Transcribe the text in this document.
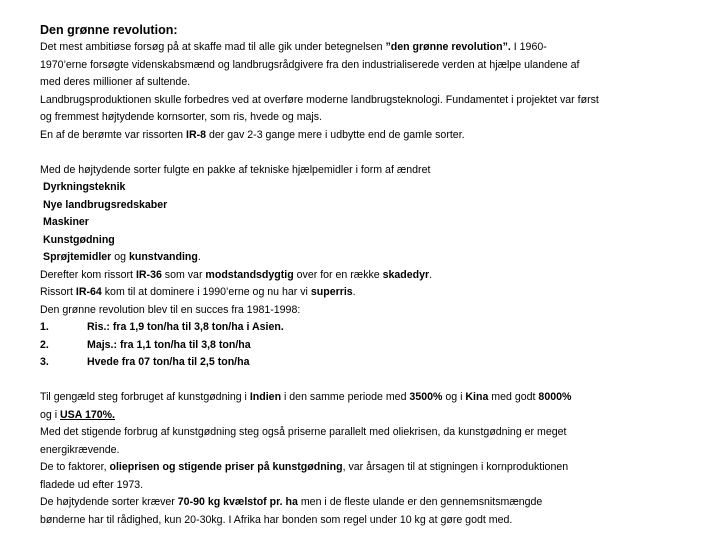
Den grønne revolution:
Det mest ambitiøse forsøg på at skaffe mad til alle gik under betegnelsen ”den grønne revolution”. I 1960-
1970’erne forsøgte videnskabsmænd og landbrugsrådgivere fra den industrialiserede verden at hjælpe ulandene af
med deres millioner af sultende.
Landbrugsproduktionen skulle forbedres ved at overføre moderne landbrugsteknologi. Fundamentet i projektet var først
og fremmest højtydende kornsorter, som ris, hvede og majs.
En af de berømte var rissorten IR-8 der gav 2-3 gange mere i udbytte end de gamle sorter.
Med de højtydende sorter fulgte en pakke af tekniske hjælpemidler i form af ændret
Dyrkningsteknik
Nye landbrugsredskaber
Maskiner
Kunstgødning
Sprøjtemidler og kunstvanding.
Derefter kom rissort IR-36 som var modstandsdygtig over for en række skadedyr.
Rissort IR-64 kom til at dominere i 1990’erne og nu har vi superris.
Den grønne revolution blev til en succes fra 1981-1998:
1.	Ris.: fra 1,9 ton/ha til 3,8 ton/ha i Asien.
2.	Majs.: fra 1,1 ton/ha til 3,8 ton/ha
3.	Hvede fra 07 ton/ha til 2,5 ton/ha
Til gengæld steg forbruget af kunstgødning i Indien i den samme periode med 3500% og i Kina med godt 8000%
og i USA 170%.
Med det stigende forbrug af kunstgødning steg også priserne parallelt med oliekrisen, da kunstgødning er meget
energikrævende.
De to faktorer, olieprisen og stigende priser på kunstgødning, var årsagen til at stigningen i kornproduktionen
fladede ud efter 1973.
De højtydende sorter kræver 70-90 kg kvælstof pr. ha men i de fleste ulande er den gennemsnitsmængde
bønderne har til rådighed, kun 20-30kg. I Afrika har bonden som regel under 10 kg at gøre godt med.
